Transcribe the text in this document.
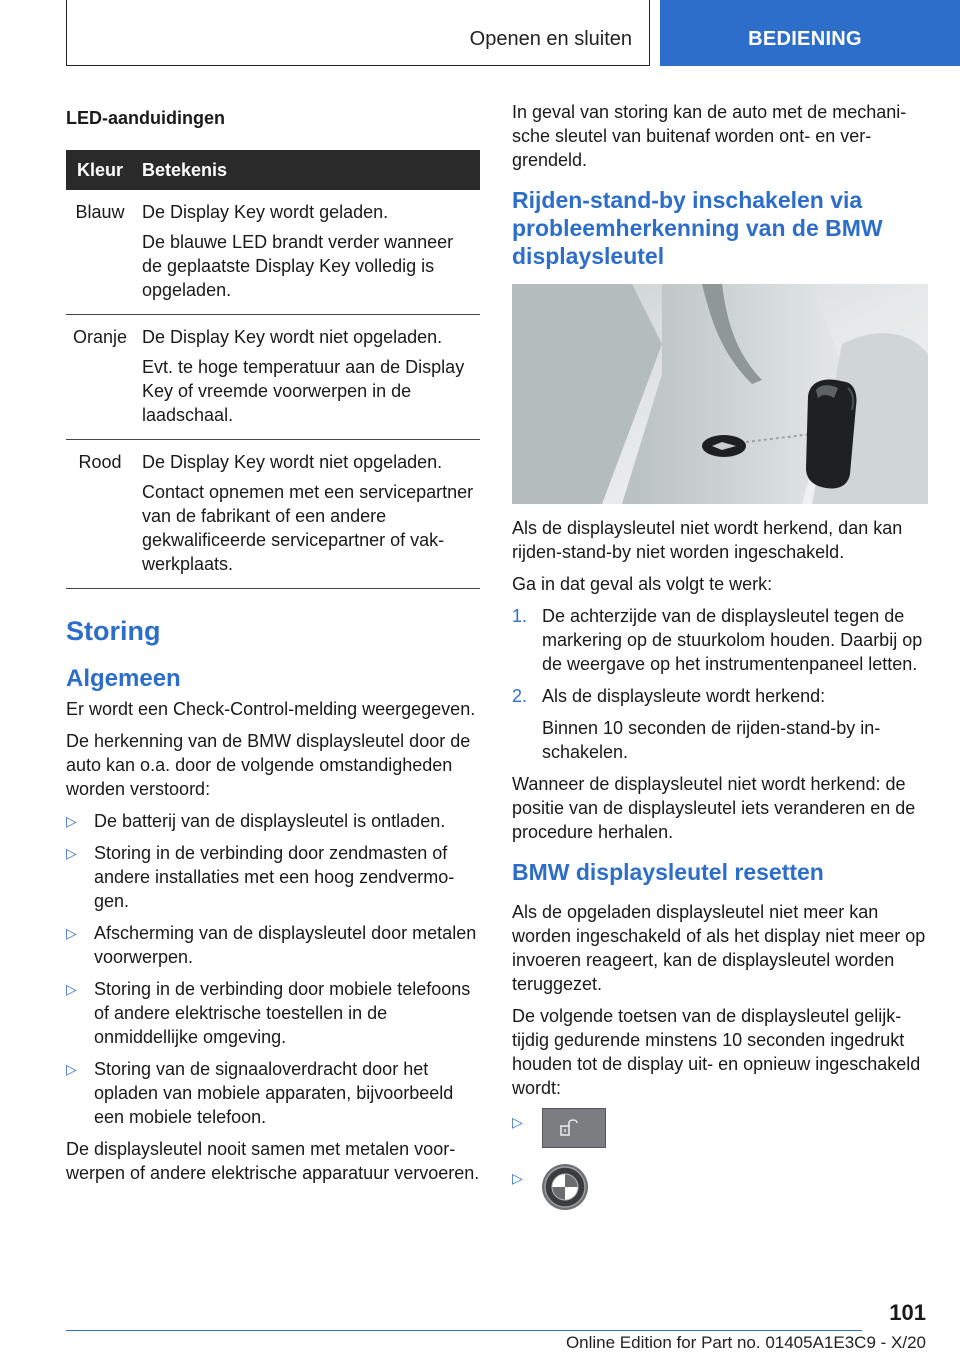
Openen en sluiten	BEDIENING
LED-aanduidingen
Kleur	Betekenis
Blauw	De Display Key wordt geladen.

De blauwe LED brandt verder wanneer de geplaatste Display Key volledig is opgeladen.

Oranje	De Display Key wordt niet opgeladen.

Evt. te hoge temperatuur aan de Display Key of vreemde voorwerpen in de laadschaal.

Rood	De Display Key wordt niet opgeladen.

Contact opnemen met een servicepartner van de fabrikant of een andere gekwalificeerde servicepartner of vakwerkplaats.

Storing
Algemeen

Er wordt een Check-Control-melding weergegeven.

De herkenning van de BMW displaysleutel door de auto kan o.a. door de volgende omstandigheden worden verstoord:

▷ De batterij van de displaysleutel is ontladen.
▷ Storing in de verbinding door zendmasten of andere installaties met een hoog zendvermogen.
▷ Afscherming van de displaysleutel door metalen voorwerpen.
▷ Storing in de verbinding door mobiele telefoons of andere elektrische toestellen in de onmiddellijke omgeving.
▷ Storing van de signaaloverdracht door het opladen van mobiele apparaten, bijvoorbeeld een mobiele telefoon.

De displaysleutel nooit samen met metalen voorwerpen of andere elektrische apparatuur vervoeren.

In geval van storing kan de auto met de mechanische sleutel van buitenaf worden ont- en vergrendeld.

Rijden-stand-by inschakelen via probleemherkenning van de BMW displaysleutel

Als de displaysleutel niet wordt herkend, dan kan rijden-stand-by niet worden ingeschakeld.

Ga in dat geval als volgt te werk:

1. De achterzijde van de displaysleutel tegen de markering op de stuurkolom houden. Daarbij op de weergave op het instrumentenpaneel letten.
2. Als de displaysleute wordt herkend:
Binnen 10 seconden de rijden-stand-by inschakelen.

Wanneer de displaysleutel niet wordt herkend: de positie van de displaysleutel iets veranderen en de procedure herhalen.

BMW displaysleutel resetten

Als de opgeladen displaysleutel niet meer kan worden ingeschakeld of als het display niet meer op invoeren reageert, kan de displaysleutel worden teruggezet.

De volgende toetsen van de displaysleutel gelijktijdig gedurende minstens 10 seconden ingedrukt houden tot de display uit- en opnieuw ingeschakeld wordt:

▷
▷
101
Online Edition for Part no. 01405A1E3C9 - X/20
